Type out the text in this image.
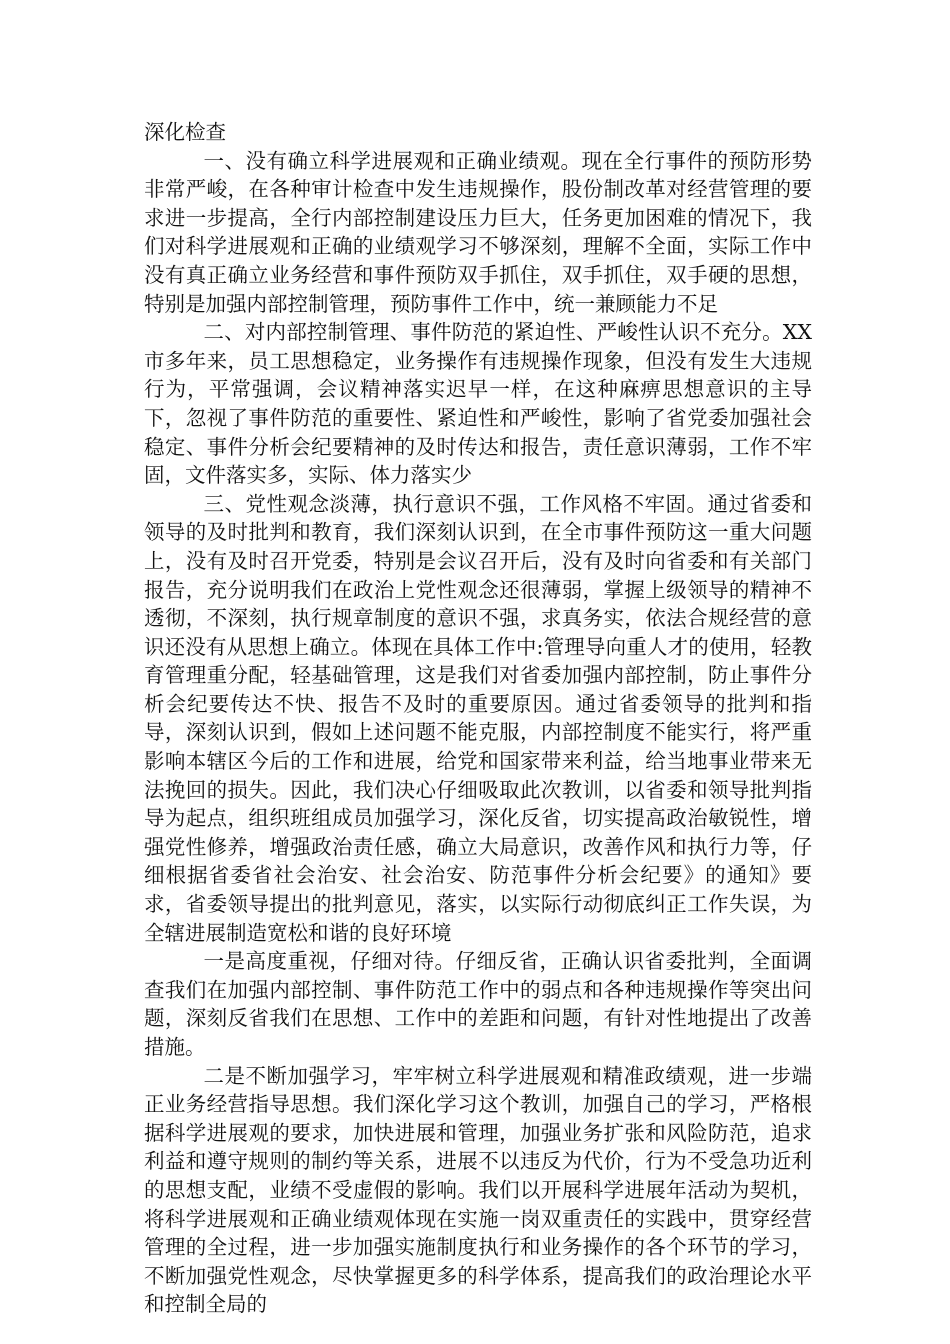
深化检查

一、没有确立科学进展观和正确业绩观。现在全行事件的预防形势非常严峻，在各种审计检查中发生违规操作，股份制改革对经营管理的要求进一步提高，全行内部控制建设压力巨大，任务更加困难的情况下，我们对科学进展观和正确的业绩观学习不够深刻，理解不全面，实际工作中没有真正确立业务经营和事件预防双手抓住，双手抓住，双手硬的思想，特别是加强内部控制管理，预防事件工作中，统一兼顾能力不足

二、对内部控制管理、事件防范的紧迫性、严峻性认识不充分。XX市多年来，员工思想稳定，业务操作有违规操作现象，但没有发生大违规行为，平常强调，会议精神落实迟早一样，在这种麻痹思想意识的主导下，忽视了事件防范的重要性、紧迫性和严峻性，影响了省党委加强社会稳定、事件分析会纪要精神的及时传达和报告，责任意识薄弱，工作不牢固，文件落实多，实际、体力落实少

三、党性观念淡薄，执行意识不强，工作风格不牢固。通过省委和领导的及时批判和教育，我们深刻认识到，在全市事件预防这一重大问题上，没有及时召开党委，特别是会议召开后，没有及时向省委和有关部门报告，充分说明我们在政治上党性观念还很薄弱，掌握上级领导的精神不透彻，不深刻，执行规章制度的意识不强，求真务实，依法合规经营的意识还没有从思想上确立。体现在具体工作中:管理导向重人才的使用，轻教育管理重分配，轻基础管理，这是我们对省委加强内部控制，防止事件分析会纪要传达不快、报告不及时的重要原因。通过省委领导的批判和指导，深刻认识到，假如上述问题不能克服，内部控制度不能实行，将严重影响本辖区今后的工作和进展，给党和国家带来利益，给当地事业带来无法挽回的损失。因此，我们决心仔细吸取此次教训，以省委和领导批判指导为起点，组织班组成员加强学习，深化反省，切实提高政治敏锐性，增强党性修养，增强政治责任感，确立大局意识，改善作风和执行力等，仔细根据省委省社会治安、社会治安、防范事件分析会纪要》的通知》要求，省委领导提出的批判意见，落实，以实际行动彻底纠正工作失误，为全辖进展制造宽松和谐的良好环境

一是高度重视，仔细对待。仔细反省，正确认识省委批判，全面调查我们在加强内部控制、事件防范工作中的弱点和各种违规操作等突出问题，深刻反省我们在思想、工作中的差距和问题，有针对性地提出了改善措施。

二是不断加强学习，牢牢树立科学进展观和精准政绩观，进一步端正业务经营指导思想。我们深化学习这个教训，加强自己的学习，严格根据科学进展观的要求，加快进展和管理，加强业务扩张和风险防范，追求利益和遵守规则的制约等关系，进展不以违反为代价，行为不受急功近利的思想支配，业绩不受虚假的影响。我们以开展科学进展年活动为契机，将科学进展观和正确业绩观体现在实施一岗双重责任的实践中，贯穿经营管理的全过程，进一步加强实施制度执行和业务操作的各个环节的学习，不断加强党性观念，尽快掌握更多的科学体系，提高我们的政治理论水平和控制全局的
